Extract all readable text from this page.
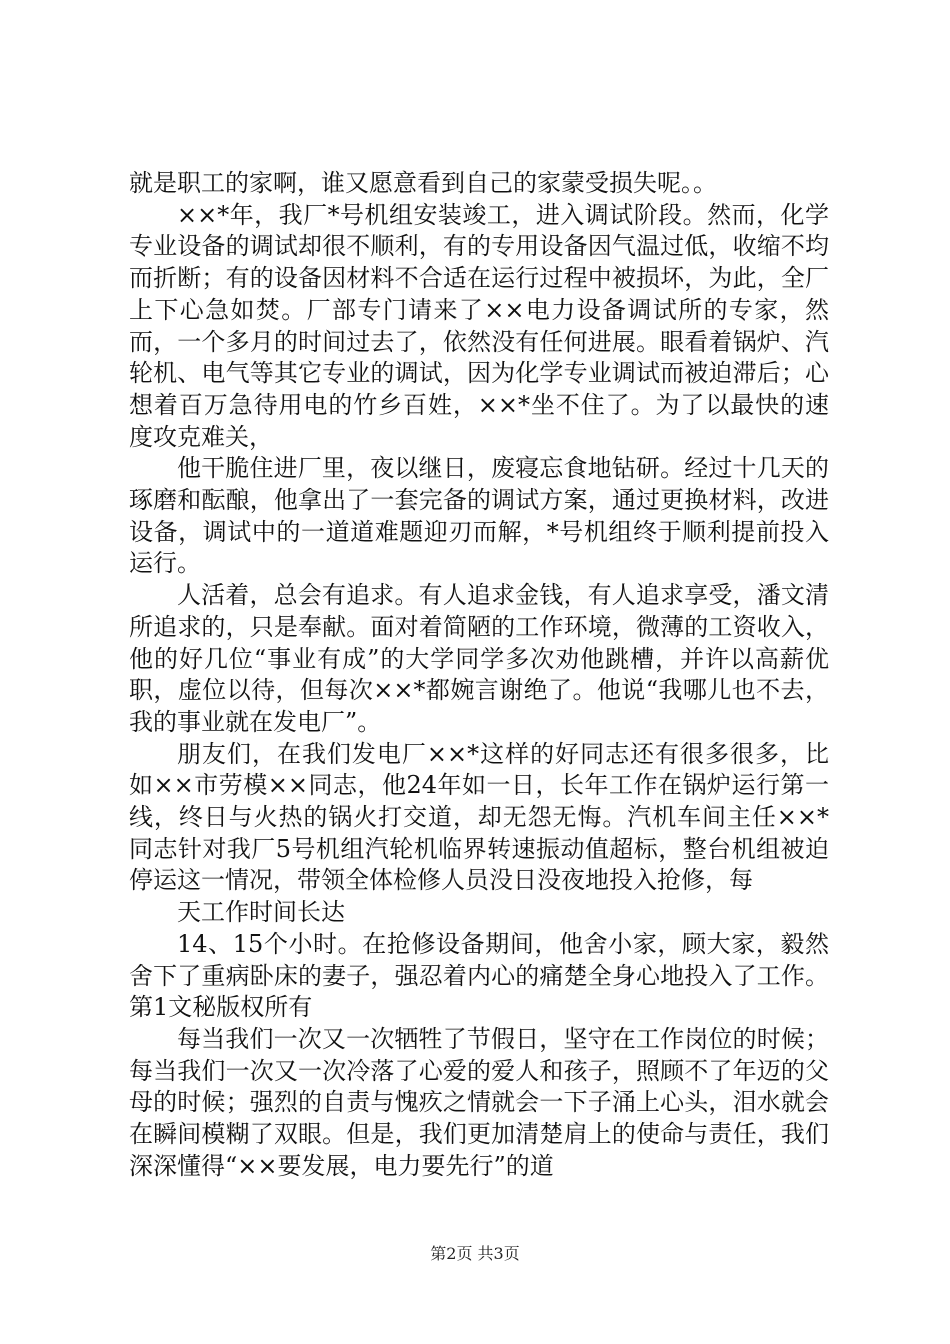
就是职工的家啊，谁又愿意看到自己的家蒙受损失呢。。

××*年，我厂*号机组安装竣工，进入调试阶段。然而，化学专业设备的调试却很不顺利，有的专用设备因气温过低，收缩不均而折断；有的设备因材料不合适在运行过程中被损坏，为此，全厂上下心急如焚。厂部专门请来了××电力设备调试所的专家，然而，一个多月的时间过去了，依然没有任何进展。眼看着锅炉、汽轮机、电气等其它专业的调试，因为化学专业调试而被迫滞后；心想着百万急待用电的竹乡百姓，××*坐不住了。为了以最快的速度攻克难关，

他干脆住进厂里，夜以继日，废寝忘食地钻研。经过十几天的琢磨和酝酿，他拿出了一套完备的调试方案，通过更换材料，改进设备，调试中的一道道难题迎刃而解，*号机组终于顺利提前投入运行。

人活着，总会有追求。有人追求金钱，有人追求享受，潘文清所追求的，只是奉献。面对着简陋的工作环境，微薄的工资收入，他的好几位“事业有成”的大学同学多次劝他跳槽，并许以高薪优职，虚位以待，但每次××*都婉言谢绝了。他说“我哪儿也不去，我的事业就在发电厂”。

朋友们，在我们发电厂××*这样的好同志还有很多很多，比如××市劳模××同志，他24年如一日，长年工作在锅炉运行第一线，终日与火热的锅火打交道，却无怨无悔。汽机车间主任××*同志针对我厂5号机组汽轮机临界转速振动值超标，整台机组被迫停运这一情况，带领全体检修人员没日没夜地投入抢修，每

天工作时间长达

14、15个小时。在抢修设备期间，他舍小家，顾大家，毅然舍下了重病卧床的妻子，强忍着内心的痛楚全身心地投入了工作。第1文秘版权所有

每当我们一次又一次牺牲了节假日，坚守在工作岗位的时候；每当我们一次又一次冷落了心爱的爱人和孩子，照顾不了年迈的父母的时候；强烈的自责与愧疚之情就会一下子涌上心头，泪水就会在瞬间模糊了双眼。但是，我们更加清楚肩上的使命与责任，我们深深懂得“××要发展，电力要先行”的道

第2页 共3页
